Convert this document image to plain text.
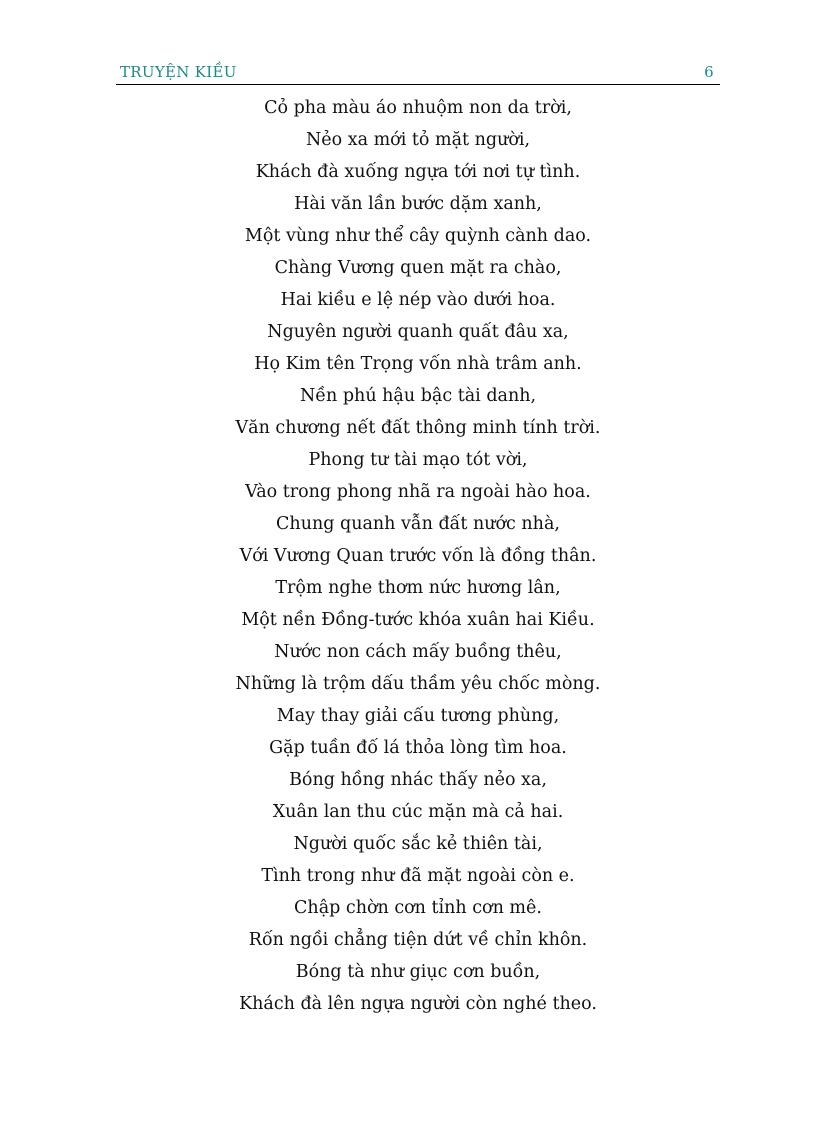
TRUYỆN KIỀU	6
Cỏ pha màu áo nhuộm non da trời,
Nẻo xa mới tỏ mặt người,
Khách đà xuống ngựa tới nơi tự tình.
Hài văn lần bước dặm xanh,
Một vùng như thể cây quỳnh cành dao.
Chàng Vương quen mặt ra chào,
Hai kiều e lệ nép vào dưới hoa.
Nguyên người quanh quất đâu xa,
Họ Kim tên Trọng vốn nhà trâm anh.
Nền phú hậu bậc tài danh,
Văn chương nết đất thông minh tính trời.
Phong tư tài mạo tót vời,
Vào trong phong nhã ra ngoài hào hoa.
Chung quanh vẫn đất nước nhà,
Với Vương Quan trước vốn là đồng thân.
Trộm nghe thơm nức hương lân,
Một nền Đồng-tước khóa xuân hai Kiều.
Nước non cách mấy buồng thêu,
Những là trộm dấu thầm yêu chốc mòng.
May thay giải cấu tương phùng,
Gặp tuần đố lá thỏa lòng tìm hoa.
Bóng hồng nhác thấy nẻo xa,
Xuân lan thu cúc mặn mà cả hai.
Người quốc sắc kẻ thiên tài,
Tình trong như đã mặt ngoài còn e.
Chập chờn cơn tỉnh cơn mê.
Rốn ngồi chẳng tiện dứt về chỉn khôn.
Bóng tà như giục cơn buồn,
Khách đà lên ngựa người còn nghé theo.
